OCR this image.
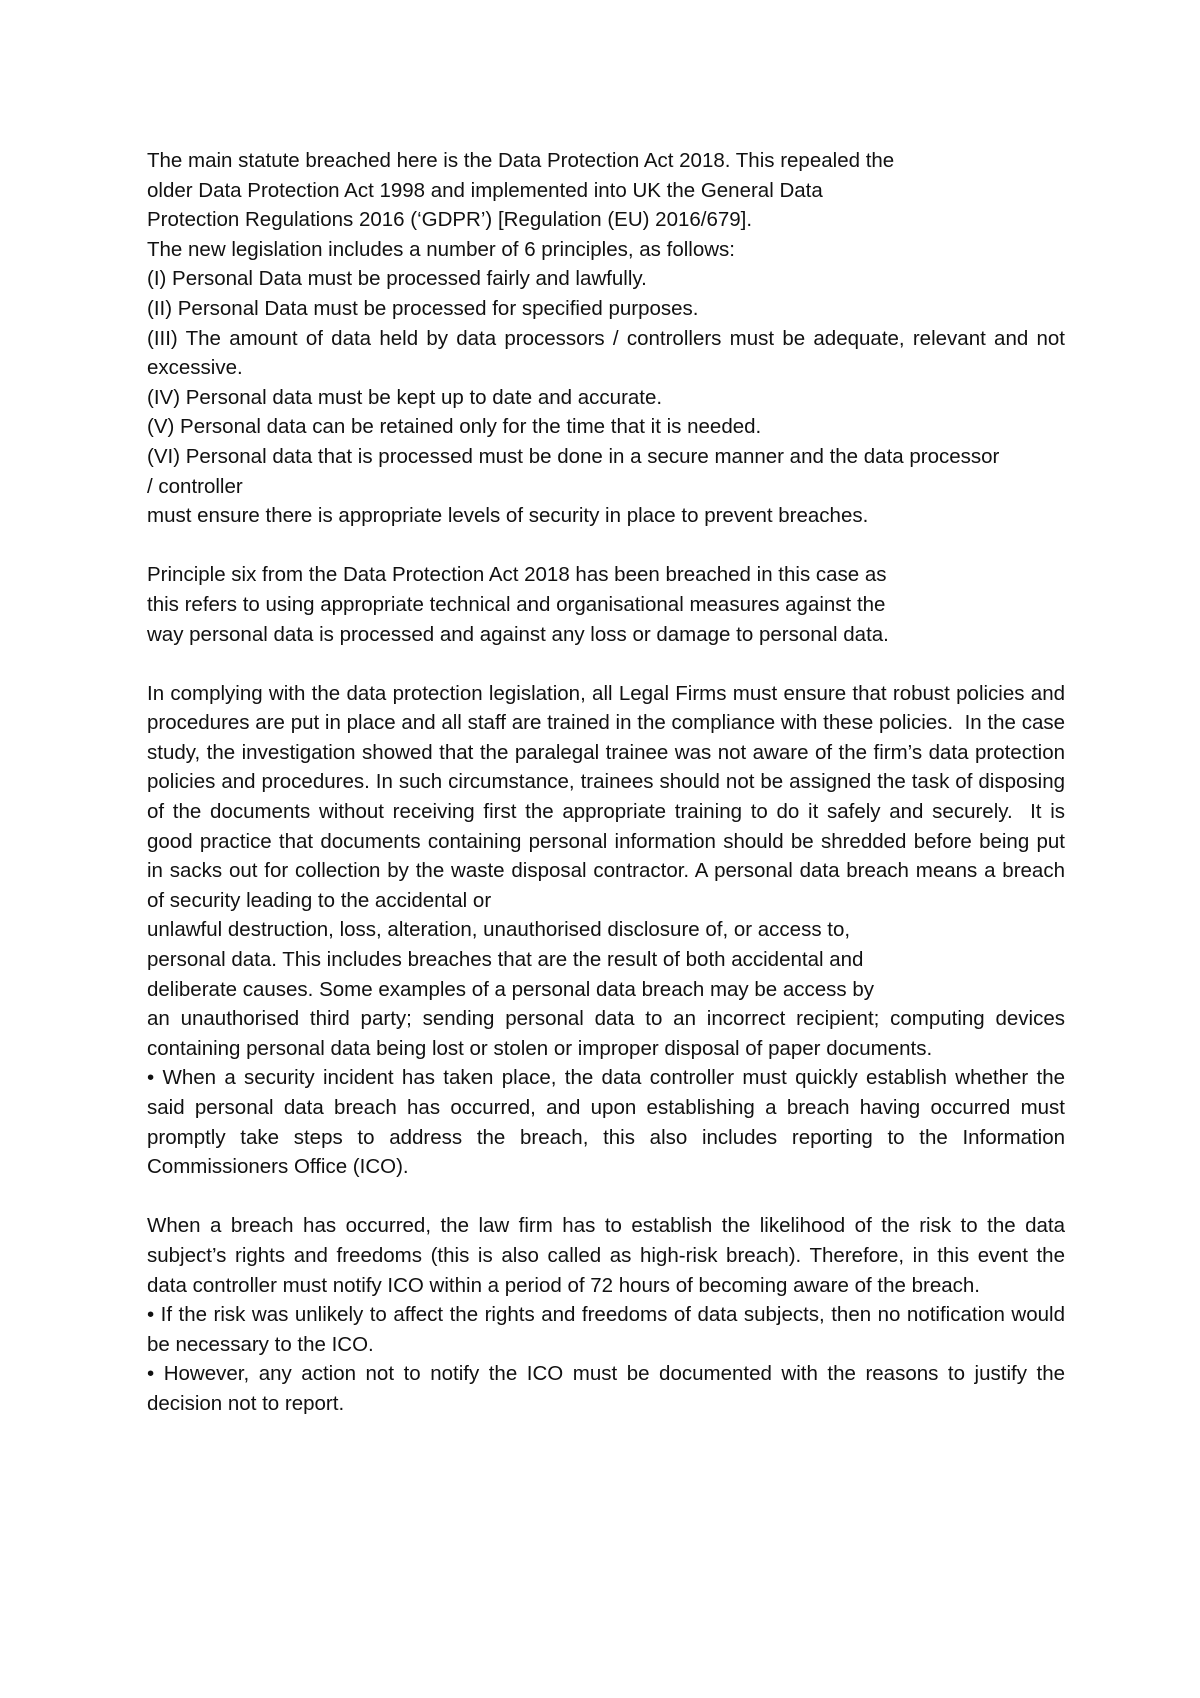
The main statute breached here is the Data Protection Act 2018. This repealed the
older Data Protection Act 1998 and implemented into UK the General Data
Protection Regulations 2016 (‘GDPR’) [Regulation (EU) 2016/679].
The new legislation includes a number of 6 principles, as follows:
(I) Personal Data must be processed fairly and lawfully.
(II) Personal Data must be processed for specified purposes.
(III) The amount of data held by data processors / controllers must be adequate, relevant and not excessive.
(IV) Personal data must be kept up to date and accurate.
(V) Personal data can be retained only for the time that it is needed.
(VI) Personal data that is processed must be done in a secure manner and the data processor
/ controller
must ensure there is appropriate levels of security in place to prevent breaches.
Principle six from the Data Protection Act 2018 has been breached in this case as
this refers to using appropriate technical and organisational measures against the
way personal data is processed and against any loss or damage to personal data.
In complying with the data protection legislation, all Legal Firms must ensure that robust policies and procedures are put in place and all staff are trained in the compliance with these policies.  In the case study, the investigation showed that the paralegal trainee was not aware of the firm’s data protection policies and procedures. In such circumstance, trainees should not be assigned the task of disposing of the documents without receiving first the appropriate training to do it safely and securely.  It is good practice that documents containing personal information should be shredded before being put in sacks out for collection by the waste disposal contractor. A personal data breach means a breach of security leading to the accidental or
unlawful destruction, loss, alteration, unauthorised disclosure of, or access to,
personal data. This includes breaches that are the result of both accidental and
deliberate causes. Some examples of a personal data breach may be access by
an unauthorised third party; sending personal data to an incorrect recipient; computing devices containing personal data being lost or stolen or improper disposal of paper documents.
• When a security incident has taken place, the data controller must quickly establish whether the said personal data breach has occurred, and upon establishing a breach having occurred must promptly take steps to address the breach, this also includes reporting to the Information Commissioners Office (ICO).
When a breach has occurred, the law firm has to establish the likelihood of the risk to the data subject’s rights and freedoms (this is also called as high-risk breach). Therefore, in this event the data controller must notify ICO within a period of 72 hours of becoming aware of the breach.
• If the risk was unlikely to affect the rights and freedoms of data subjects, then no notification would be necessary to the ICO.
• However, any action not to notify the ICO must be documented with the reasons to justify the decision not to report.
